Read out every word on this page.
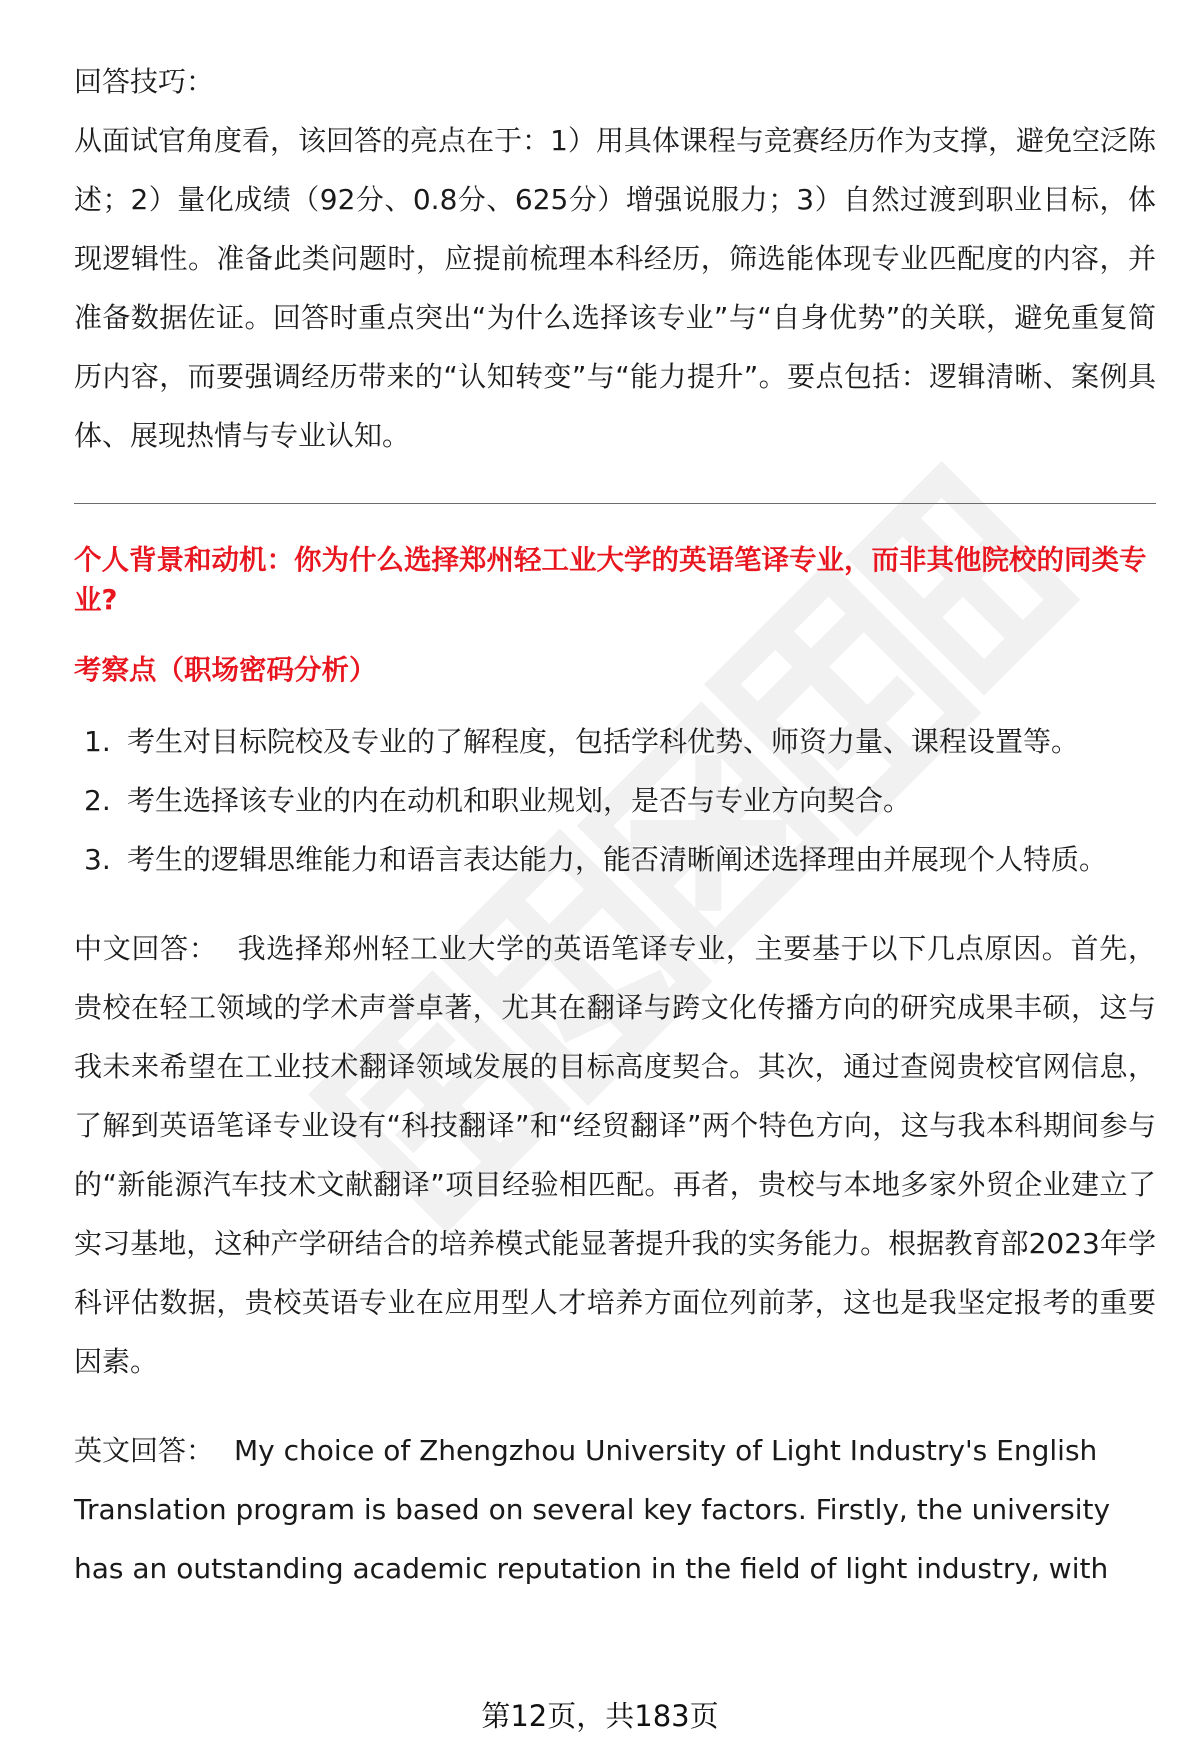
回答技巧：

从面试官角度看，该回答的亮点在于：1）用具体课程与竞赛经历作为支撑，避免空泛陈述；2）量化成绩（92分、0.8分、625分）增强说服力；3）自然过渡到职业目标，体现逻辑性。准备此类问题时，应提前梳理本科经历，筛选能体现专业匹配度的内容，并准备数据佐证。回答时重点突出“为什么选择该专业”与“自身优势”的关联，避免重复简历内容，而要强调经历带来的“认知转变”与“能力提升”。要点包括：逻辑清晰、案例具体、展现热情与专业认知。

个人背景和动机：你为什么选择郑州轻工业大学的英语笔译专业，而非其他院校的同类专业?

考察点（职场密码分析）

1. 考生对目标院校及专业的了解程度，包括学科优势、师资力量、课程设置等。
2. 考生选择该专业的内在动机和职业规划，是否与专业方向契合。
3. 考生的逻辑思维能力和语言表达能力，能否清晰阐述选择理由并展现个人特质。

中文回答： 我选择郑州轻工业大学的英语笔译专业，主要基于以下几点原因。首先，贵校在轻工领域的学术声誉卓著，尤其在翻译与跨文化传播方向的研究成果丰硕，这与我未来希望在工业技术翻译领域发展的目标高度契合。其次，通过查阅贵校官网信息，了解到英语笔译专业设有“科技翻译”和“经贸翻译”两个特色方向，这与我本科期间参与的“新能源汽车技术文献翻译”项目经验相匹配。再者，贵校与本地多家外贸企业建立了实习基地，这种产学研结合的培养模式能显著提升我的实务能力。根据教育部2023年学科评估数据，贵校英语专业在应用型人才培养方面位列前茅，这也是我坚定报考的重要因素。

英文回答： My choice of Zhengzhou University of Light Industry's English Translation program is based on several key factors. Firstly, the university has an outstanding academic reputation in the field of light industry, with

第12页，共183页
